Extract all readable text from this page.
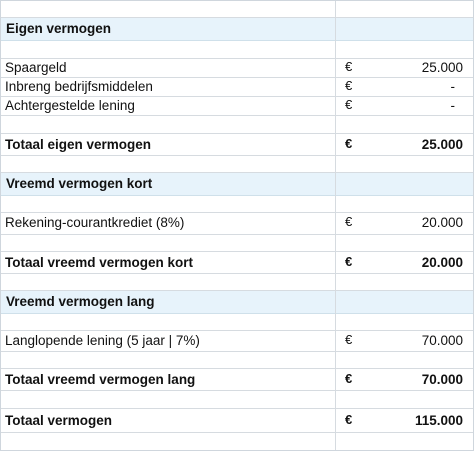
Eigen vermogen
Spaargeld	€	25.000
Inbreng bedrijfsmiddelen	€	-
Achtergestelde lening	€	-
Totaal eigen vermogen	€	25.000
Vreemd vermogen kort
Rekening-courantkrediet (8%)	€	20.000
Totaal vreemd vermogen kort	€	20.000
Vreemd vermogen lang
Langlopende lening (5 jaar | 7%)	€	70.000
Totaal vreemd vermogen lang	€	70.000
Totaal vermogen	€	115.000
